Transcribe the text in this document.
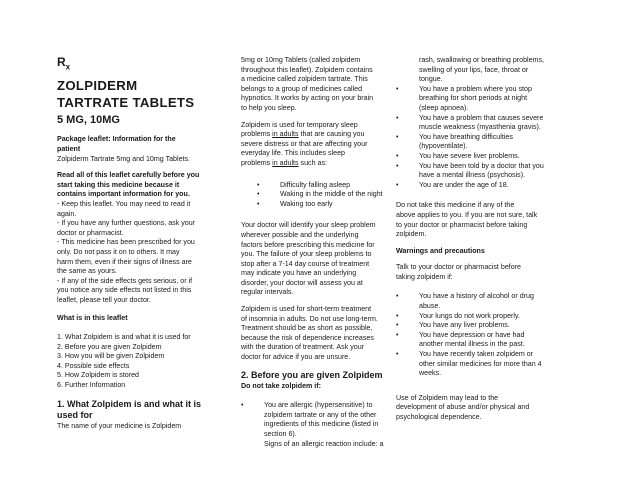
$R_x$
ZOLPIDERM
TARTRATE TABLETS
5 MG, 10MG

Package leaflet: Information for the
patient
Zolpiderm Tartrate 5mg and 10mg Tablets.

Read all of this leaflet carefully before you
start taking this medicine because it
contains important information for you.
- Keep this leaflet. You may need to read it
again.
- If you have any further questions, ask your
doctor or pharmacist.
- This medicine has been prescribed for you
only. Do not pass it on to others. It may
harm them, even if their signs of illness are
the same as yours.
- If any of the side effects gets serious, or if
you notice any side effects not listed in this
leaflet, please tell your doctor.

What is in this leaflet

1. What Zolpidem is and what it is used for
2. Before you are given Zolpidem
3. How you will be given Zolpidem
4. Possible side effects
5. How Zolpidem is stored
6. Further Information

1. What Zolpidem is and what it is
used for

The name of your medicine is Zolpidem

5mg or 10mg Tablets (called zolpidem
throughout this leaflet). Zolpidem contains
a medicine called zolpidem tartrate. This
belongs to a group of medicines called
hypnotics. It works by acting on your brain
to help you sleep.

Zolpidem is used for temporary sleep
problems in adults that are causing you
severe distress or that are affecting your
everyday life. This includes sleep
problems in adults such as:

•	Difficulty falling asleep
•	Waking in the middle of the night
•	Waking too early

Your doctor will identify your sleep problem
wherever possible and the underlying
factors before prescribing this medicine for
you. The failure of your sleep problems to
stop after a 7-14 day course of treatment
may indicate you have an underlying
disorder, your doctor will assess you at
regular intervals.

Zolpidem is used for short-term treatment
of insomnia in adults. Do not use long-term.
Treatment should be as short as possible,
because the risk of dependence increases
with the duration of treatment. Ask your
doctor for advice if you are unsure.

2. Before you are given Zolpidem

Do not take zolpidem if:

•	You are allergic (hypersensitive) to
zolpidem tartrate or any of the other
ingredients of this medicine (listed in
section 6).
Signs of an allergic reaction include: a

rash, swallowing or breathing problems,
swelling of your lips, face, throat or
tongue.

•	You have a problem where you stop
breathing for short periods at night
(sleep apnoea).
•	You have a problem that causes severe
muscle weakness (myasthenia gravis).
•	You have breathing difficulties
(hypoventilate).
•	You have severe liver problems.
•	You have been told by a doctor that you
have a mental illness (psychosis).
•	You are under the age of 18.

Do not take this medicine if any of the
above applies to you. If you are not sure, talk
to your doctor or pharmacist before taking
zolpidem.

Warnings and precautions

Talk to your doctor or pharmacist before
taking zolpidem if:

•	You have a history of alcohol or drug
abuse.
•	Your lungs do not work properly.
•	You have any liver problems.
•	You have depression or have had
another mental illness in the past.
•	You have recently taken zolpidem or
other similar medicines for more than 4
weeks.

Use of Zolpidem may lead to the
development of abuse and/or physical and
psychological dependence.
